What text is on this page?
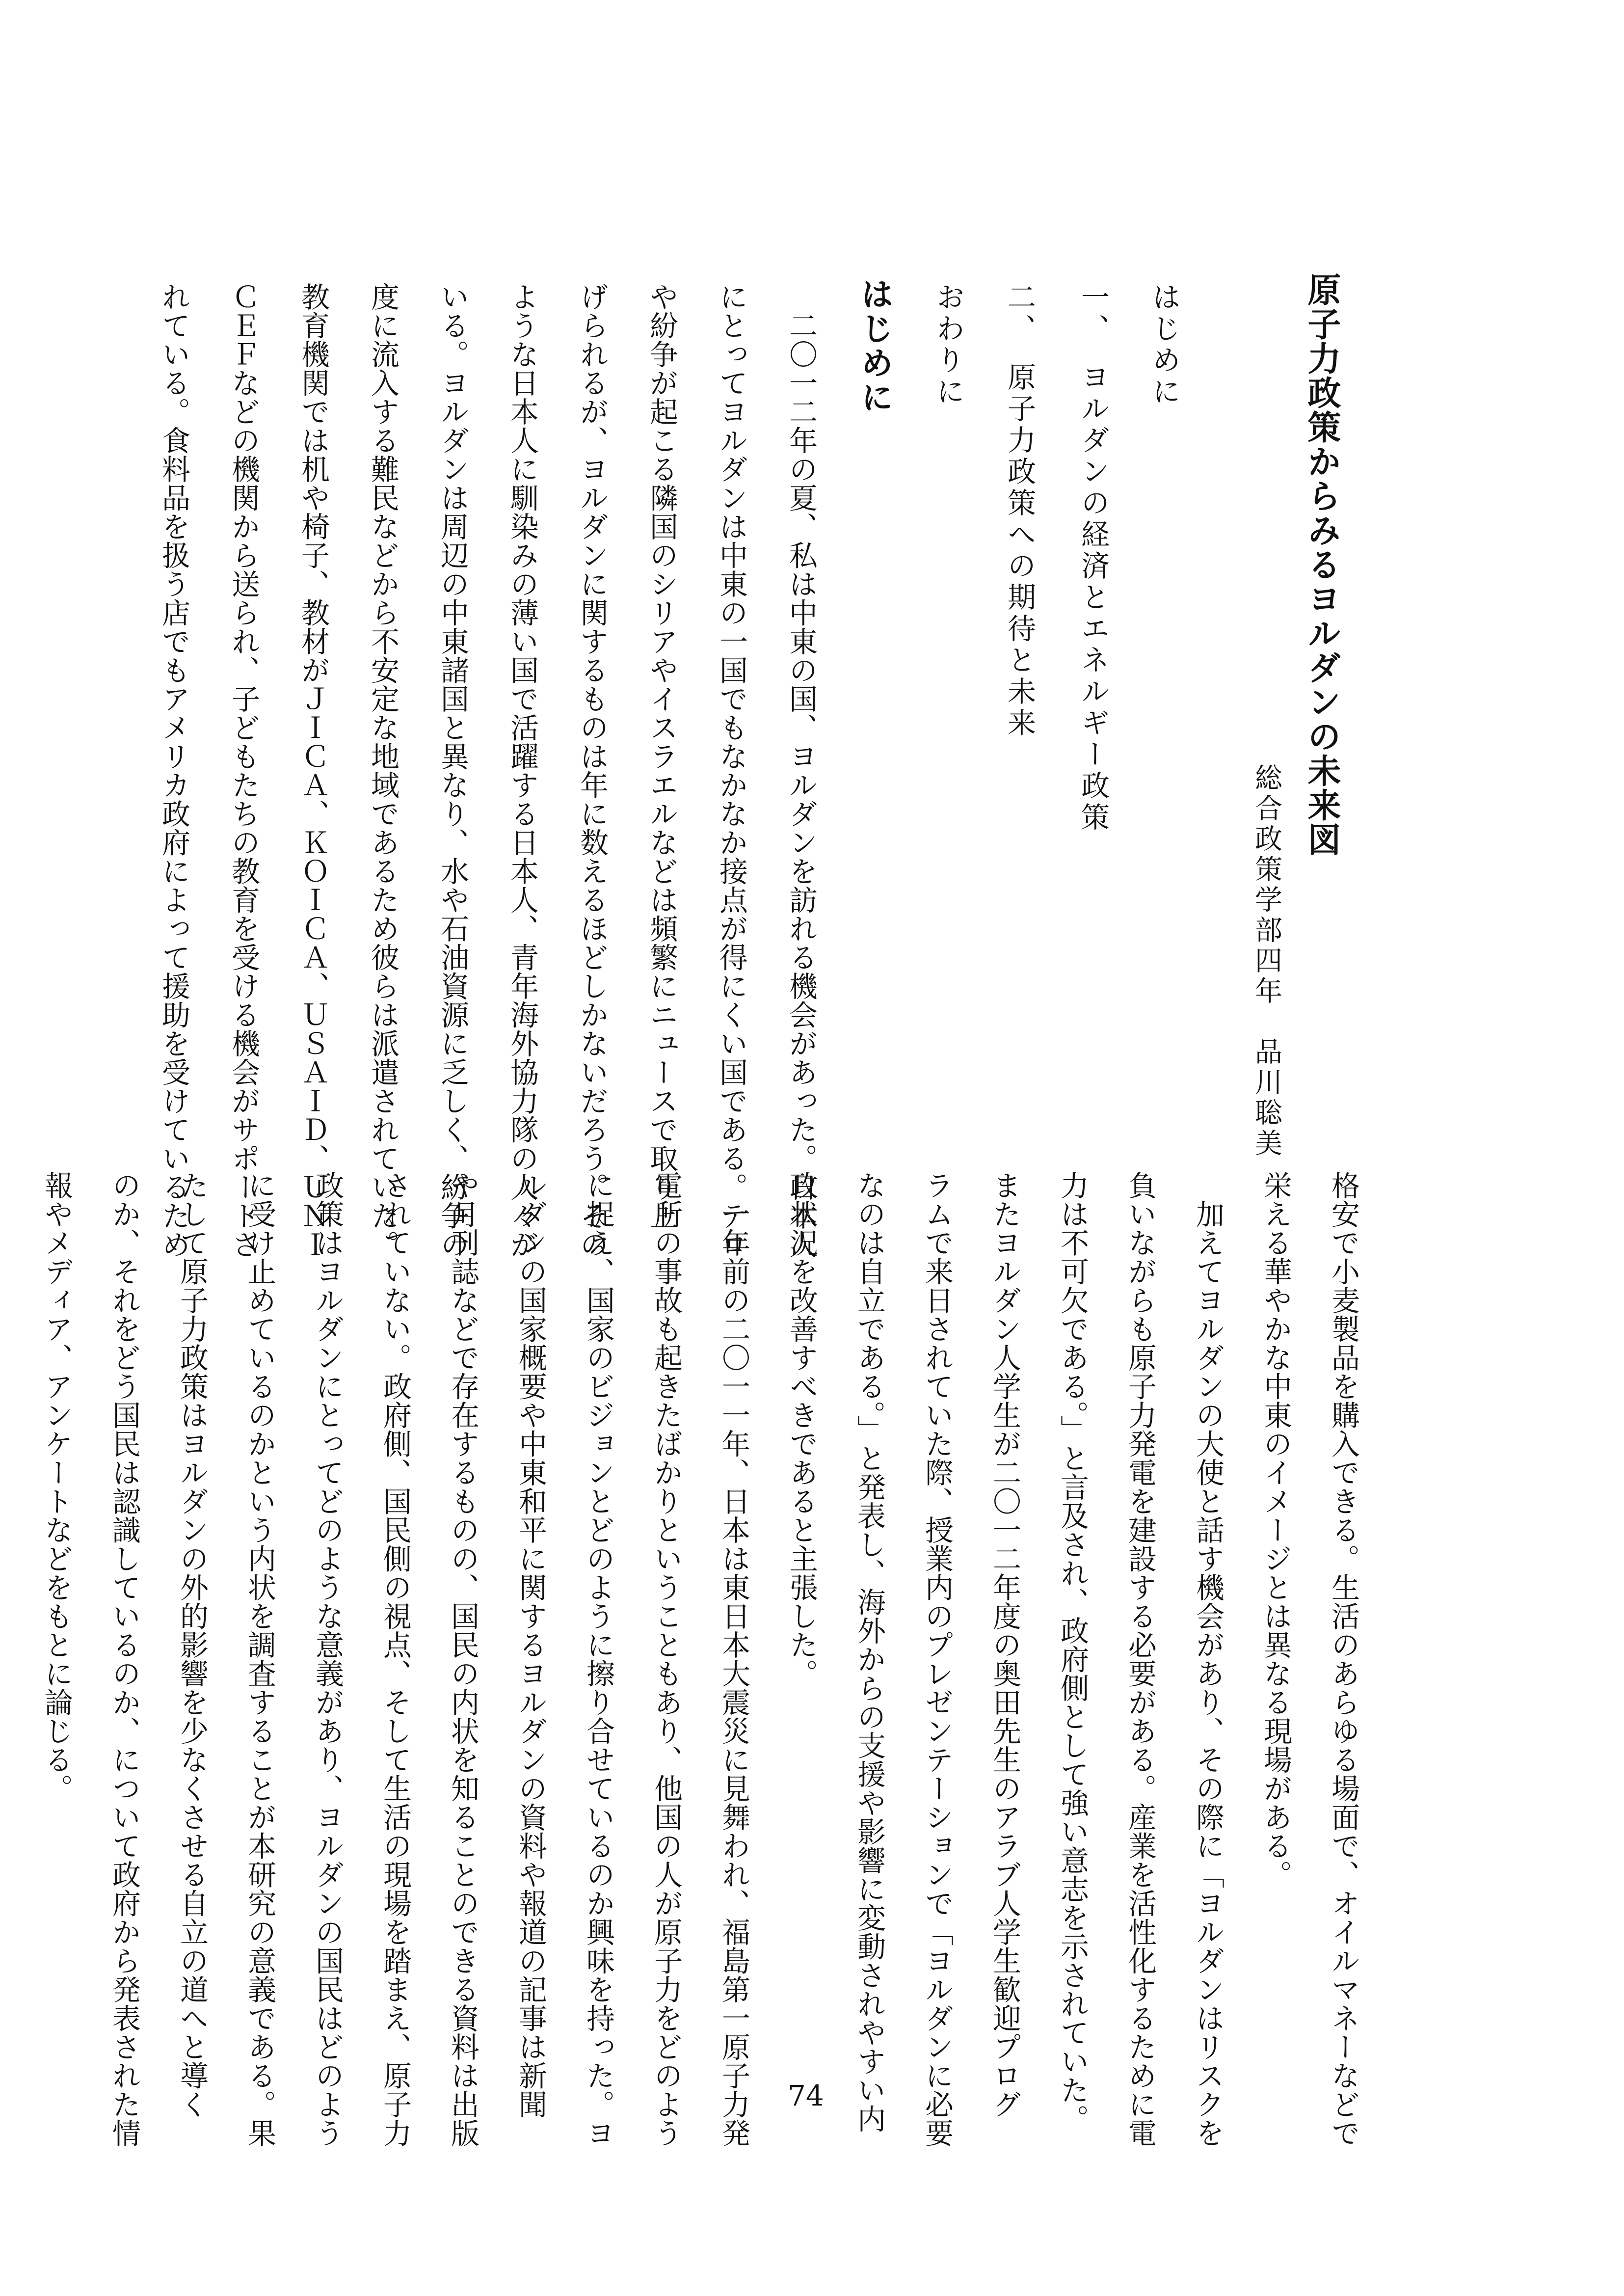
原子力政策からみるヨルダンの未来図
総合政策学部四年　品川聡美
はじめに
一、　ヨルダンの経済とエネルギー政策
二、　原子力政策への期待と未来
おわりに
はじめに
　二〇一二年の夏、私は中東の国、ヨルダンを訪れる機会があった。日本人
にとってヨルダンは中東の一国でもなかなか接点が得にくい国である。テロ
や紛争が起こる隣国のシリアやイスラエルなどは頻繁にニュースで取り上
げられるが、ヨルダンに関するものは年に数えるほどしかないだろう。その
ような日本人に馴染みの薄い国で活躍する日本人、青年海外協力隊の人々が
いる。ヨルダンは周辺の中東諸国と異なり、水や石油資源に乏しく、紛争の
度に流入する難民などから不安定な地域であるため彼らは派遣されていた。
教育機関では机や椅子、教材がＪＩＣＡ、ＫＯＩＣＡ、ＵＳＡＩＤ、ＵＮＩ
ＣＥＦなどの機関から送られ、子どもたちの教育を受ける機会がサポートさ
れている。食料品を扱う店でもアメリカ政府によって援助を受けているため
格安で小麦製品を購入できる。生活のあらゆる場面で、オイルマネーなどで
栄える華やかな中東のイメージとは異なる現場がある。
　加えてヨルダンの大使と話す機会があり、その際に「ヨルダンはリスクを
負いながらも原子力発電を建設する必要がある。産業を活性化するために電
力は不可欠である。」と言及され、政府側として強い意志を示されていた。
またヨルダン人学生が二〇一二年度の奥田先生のアラブ人学生歓迎プログ
ラムで来日されていた際、授業内のプレゼンテーションで「ヨルダンに必要
なのは自立である。」と発表し、海外からの支援や影響に変動されやすい内
政状況を改善すべきであると主張した。
　一年前の二〇一一年、日本は東日本大震災に見舞われ、福島第一原子力発
電所の事故も起きたばかりということもあり、他国の人が原子力をどのよう
に捉え、国家のビジョンとどのように擦り合せているのか興味を持った。ヨ
ルダンの国家概要や中東和平に関するヨルダンの資料や報道の記事は新聞
や月刊誌などで存在するものの、国民の内状を知ることのできる資料は出版
されていない。政府側、国民側の視点、そして生活の現場を踏まえ、原子力
政策はヨルダンにとってどのような意義があり、ヨルダンの国民はどのよう
に受け止めているのかという内状を調査することが本研究の意義である。果
たして原子力政策はヨルダンの外的影響を少なくさせる自立の道へと導く
のか、それをどう国民は認識しているのか、について政府から発表された情
報やメディア、アンケートなどをもとに論じる。
74
